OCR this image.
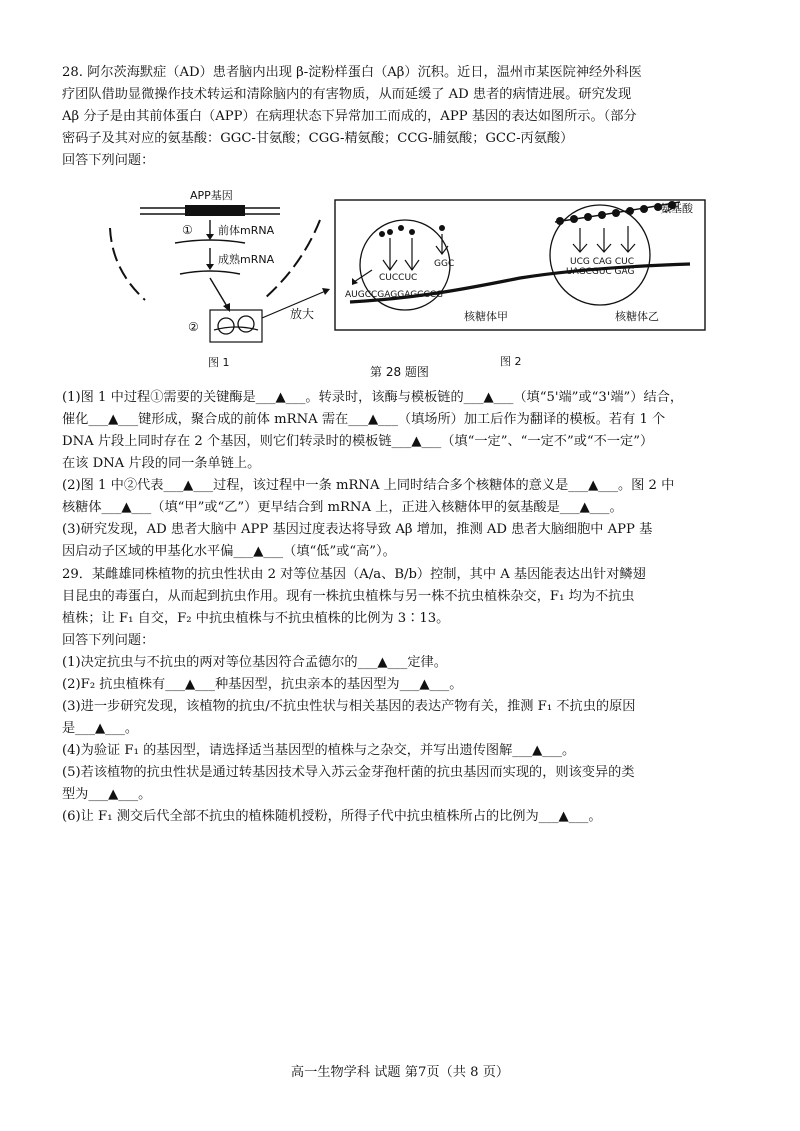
28. 阿尔茨海默症（AD）患者脑内出现 β-淀粉样蛋白（Aβ）沉积。近日，温州市某医院神经外科医

疗团队借助显微操作技术转运和清除脑内的有害物质，从而延缓了 AD 患者的病情进展。研究发现

Aβ 分子是由其前体蛋白（APP）在病理状态下异常加工而成的，APP 基因的表达如图所示。（部分

密码子及其对应的氨基酸：GGC-甘氨酸；CGG-精氨酸；CCG-脯氨酸；GCC-丙氨酸）

回答下列问题：

APP基因
① 前体mRNA
成熟mRNA
②
放大
图 1
AUGCCGAGGAGCCCG
CUCCUC
GGC	UCG CAG CUC
UAGCGUC GAG
氨基酸
核糖体甲	核糖体乙
图 2
第 28 题图

(1)图 1 中过程①需要的关键酶是___▲___。转录时，该酶与模板链的___▲___（填“5'端”或“3'端”）结合，

催化___▲___键形成，聚合成的前体 mRNA 需在___▲___（填场所）加工后作为翻译的模板。若有 1 个

DNA 片段上同时存在 2 个基因，则它们转录时的模板链___▲___（填“一定”、“一定不”或“不一定”）

在该 DNA 片段的同一条单链上。

(2)图 1 中②代表___▲___过程，该过程中一条 mRNA 上同时结合多个核糖体的意义是___▲___。图 2 中

核糖体___▲___（填“甲”或“乙”）更早结合到 mRNA 上，正进入核糖体甲的氨基酸是___▲___。

(3)研究发现，AD 患者大脑中 APP 基因过度表达将导致 Aβ 增加，推测 AD 患者大脑细胞中 APP 基

因启动子区域的甲基化水平偏___▲___（填“低”或“高”）。

29．某雌雄同株植物的抗虫性状由 2 对等位基因（A/a、B/b）控制，其中 A 基因能表达出针对鳞翅

目昆虫的毒蛋白，从而起到抗虫作用。现有一株抗虫植株与另一株不抗虫植株杂交，F₁ 均为不抗虫

植株；让 F₁ 自交，F₂ 中抗虫植株与不抗虫植株的比例为 3∶13。

回答下列问题：

(1)决定抗虫与不抗虫的两对等位基因符合孟德尔的___▲___定律。

(2)F₂ 抗虫植株有___▲___种基因型，抗虫亲本的基因型为___▲___。

(3)进一步研究发现，该植物的抗虫/不抗虫性状与相关基因的表达产物有关，推测 F₁ 不抗虫的原因

是___▲___。

(4)为验证 F₁ 的基因型，请选择适当基因型的植株与之杂交，并写出遗传图解___▲___。

(5)若该植物的抗虫性状是通过转基因技术导入苏云金芽孢杆菌的抗虫基因而实现的，则该变异的类

型为___▲___。

(6)让 F₁ 测交后代全部不抗虫的植株随机授粉，所得子代中抗虫植株所占的比例为___▲___。

高一生物学科 试题 第7页（共 8 页）
